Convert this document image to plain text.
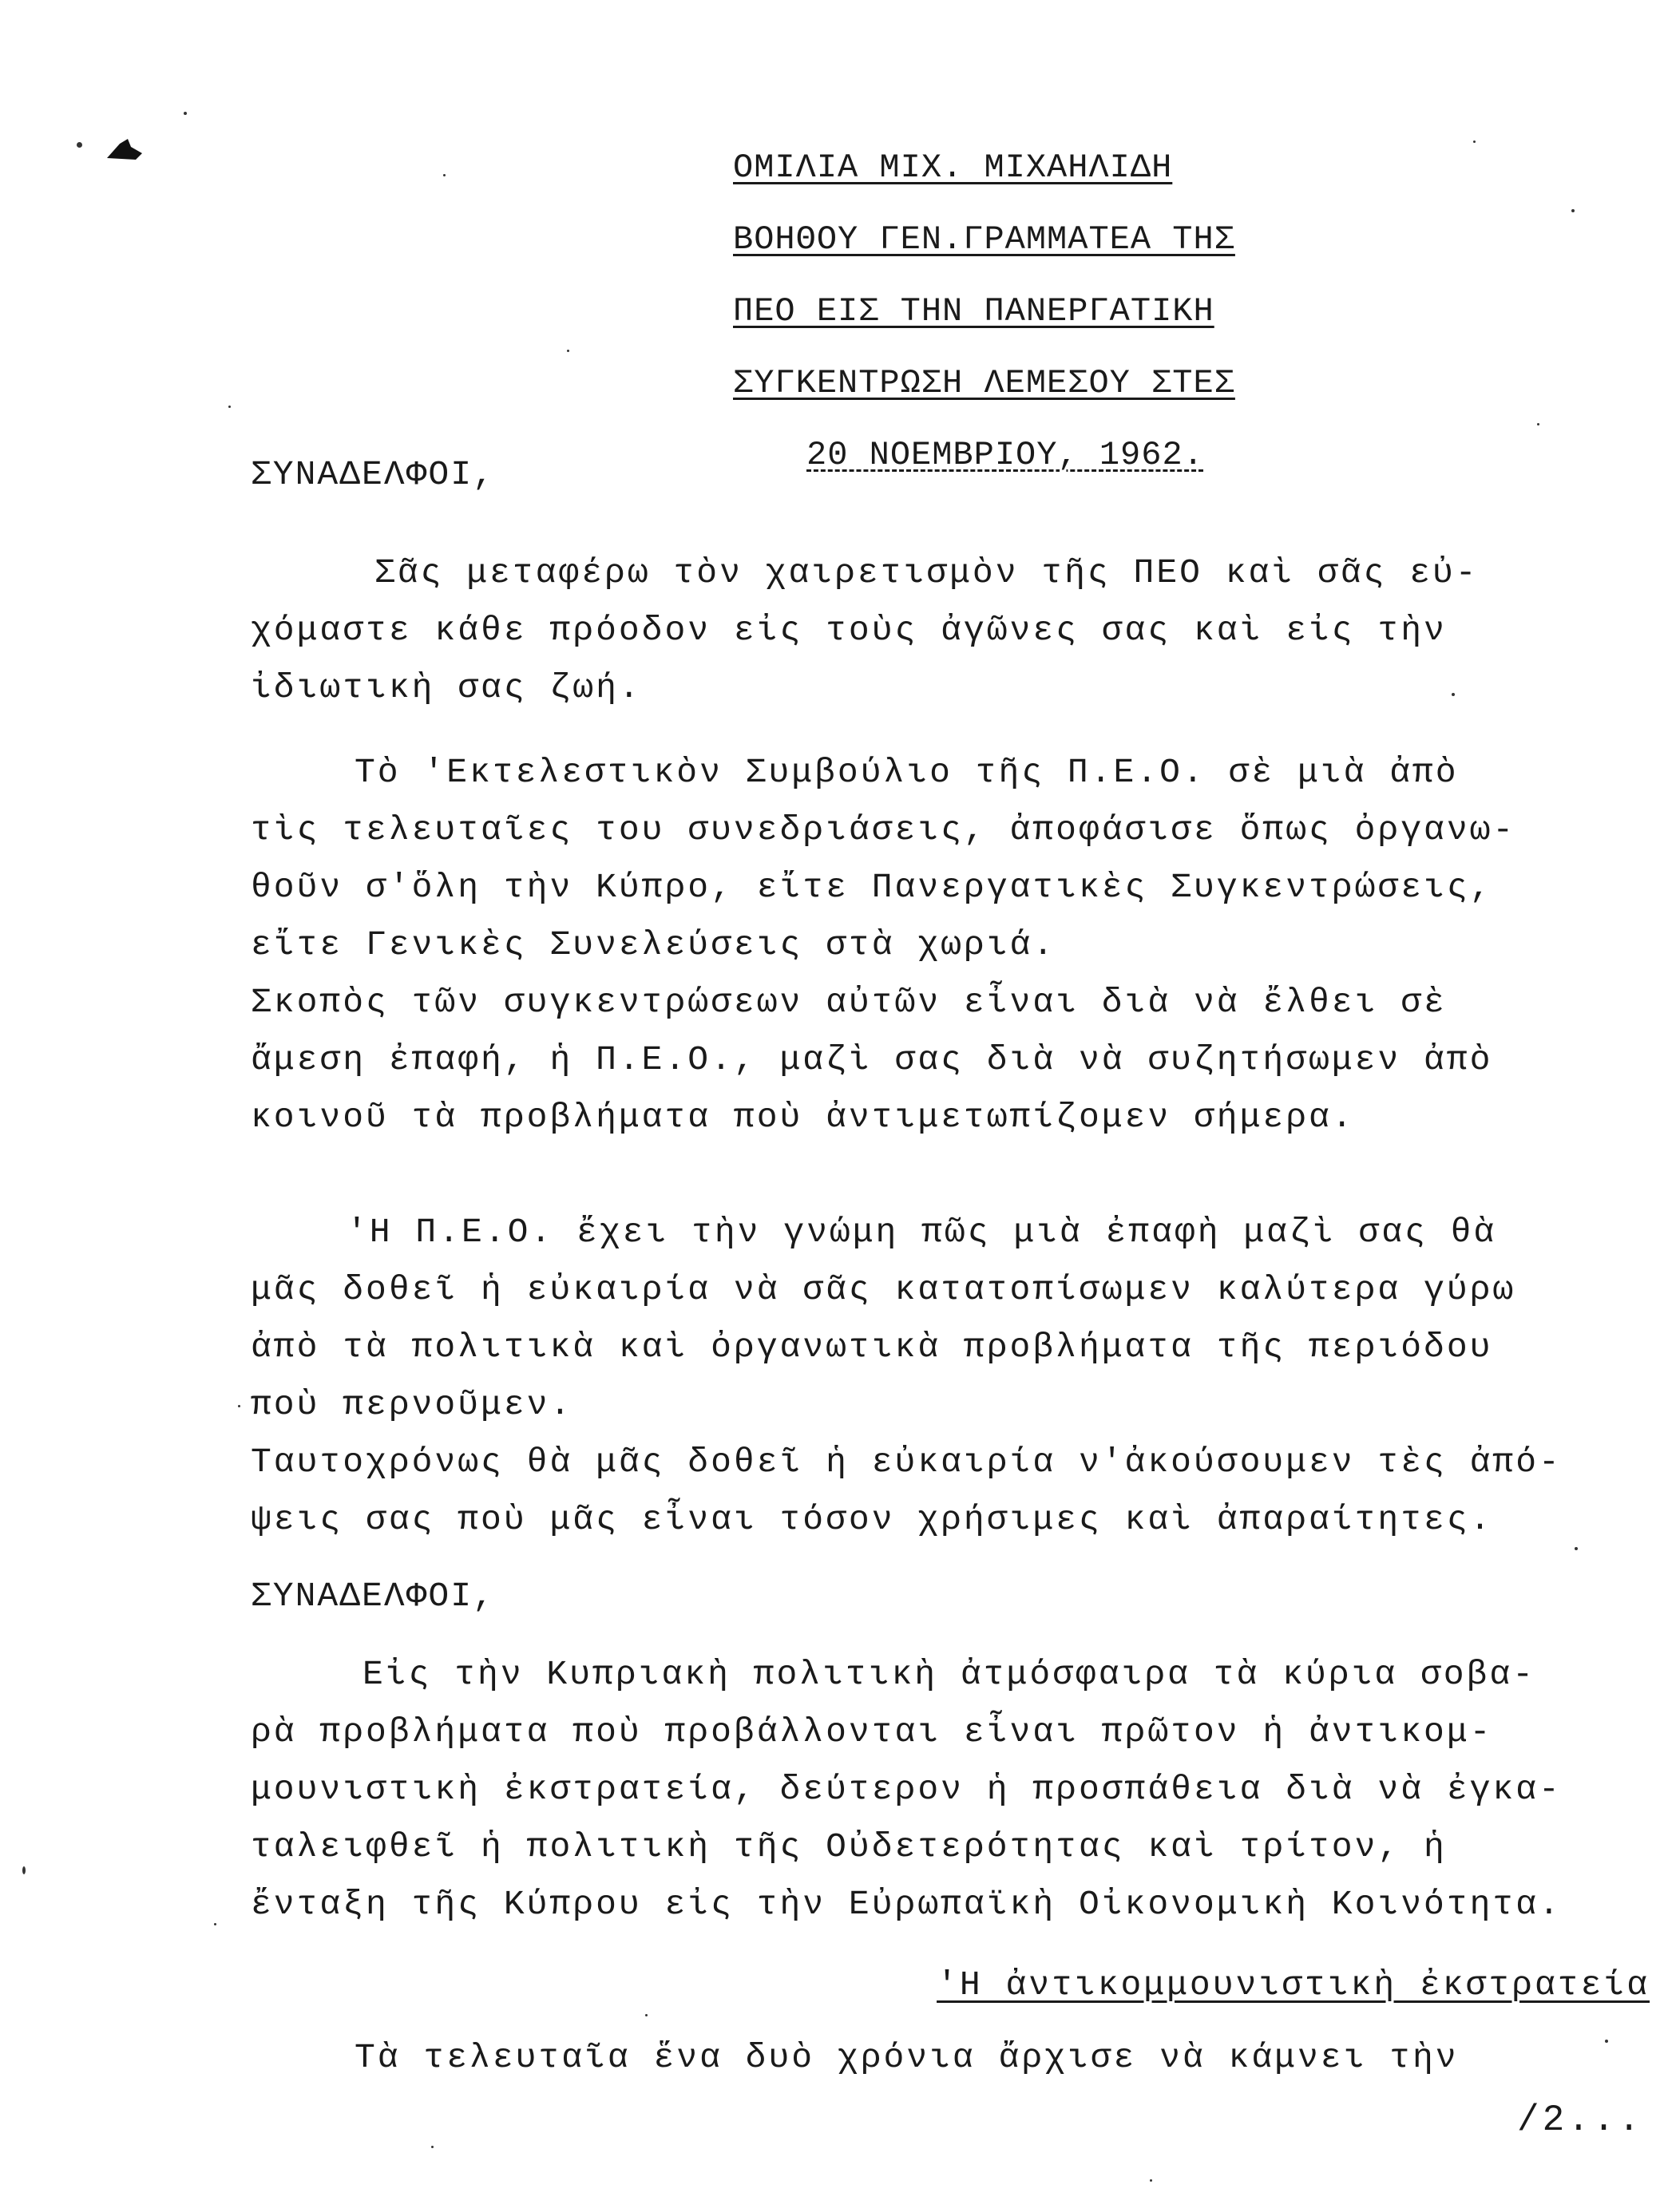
ΟΜΙΛΙΑ ΜΙΧ. ΜΙΧΑΗΛΙΔΗ
ΒΟΗΘΟΥ ΓΕΝ.ΓΡΑΜΜΑΤΕΑ ΤΗΣ
ΠΕΟ ΕΙΣ ΤΗΝ ΠΑΝΕΡΓΑΤΙΚΗ
ΣΥΓΚΕΝΤΡΩΣΗ ΛΕΜΕΣΟΥ ΣΤΕΣ
20 ΝΟΕΜΒΡΙΟΥ, 1962.
ΣΥΝΑΔΕΛΦΟΙ,
Σᾶς μεταφέρω τὸν χαιρετισμὸν τῆς ΠΕΟ καὶ σᾶς εὐ-
χόμαστε κάθε πρόοδον εἰς τοὺς ἀγῶνες σας καὶ εἰς τὴν
ἰδιωτικὴ σας ζωή.
Τὸ 'Εκτελεστικὸν Συμβούλιο τῆς Π.Ε.Ο. σὲ μιὰ ἀπὸ
τὶς τελευταῖες του συνεδριάσεις, ἀποφάσισε ὅπως ὀργανω-
θοῦν σ'ὅλη τὴν Κύπρο, εἴτε Πανεργατικὲς Συγκεντρώσεις,
εἴτε Γενικὲς Συνελεύσεις στὰ χωριά.
Σκοπὸς τῶν συγκεντρώσεων αὐτῶν εἶναι διὰ νὰ ἔλθει σὲ
ἄμεση ἐπαφή, ἡ Π.Ε.Ο., μαζὶ σας διὰ νὰ συζητήσωμεν ἀπὸ
κοινοῦ τὰ προβλήματα ποὺ ἀντιμετωπίζομεν σήμερα.
'Η Π.Ε.Ο. ἔχει τὴν γνώμη πῶς μιὰ ἐπαφὴ μαζὶ σας θὰ
μᾶς δοθεῖ ἡ εὐκαιρία νὰ σᾶς κατατοπίσωμεν καλύτερα γύρω
ἀπὸ τὰ πολιτικὰ καὶ ὀργανωτικὰ προβλήματα τῆς περιόδου
ποὺ περνοῦμεν.
Ταυτοχρόνως θὰ μᾶς δοθεῖ ἡ εὐκαιρία ν'ἀκούσουμεν τὲς ἀπό-
ψεις σας ποὺ μᾶς εἶναι τόσον χρήσιμες καὶ ἀπαραίτητες.
ΣΥΝΑΔΕΛΦΟΙ,
Εἰς τὴν Κυπριακὴ πολιτικὴ ἀτμόσφαιρα τὰ κύρια σοβα-
ρὰ προβλήματα ποὺ προβάλλονται εἶναι πρῶτον ἡ ἀντικομ-
μουνιστικὴ ἐκστρατεία, δεύτερον ἡ προσπάθεια διὰ νὰ ἐγκα-
ταλειφθεῖ ἡ πολιτικὴ τῆς Οὐδετερότητας καὶ τρίτον, ἡ
ἔνταξη τῆς Κύπρου εἰς τὴν Εὐρωπαϊκὴ Οἰκονομικὴ Κοινότητα.
'Η ἀντικομμουνιστικὴ ἐκστρατεία
Τὰ τελευταῖα ἕνα δυὸ χρόνια ἄρχισε νὰ κάμνει τὴν
/2...
